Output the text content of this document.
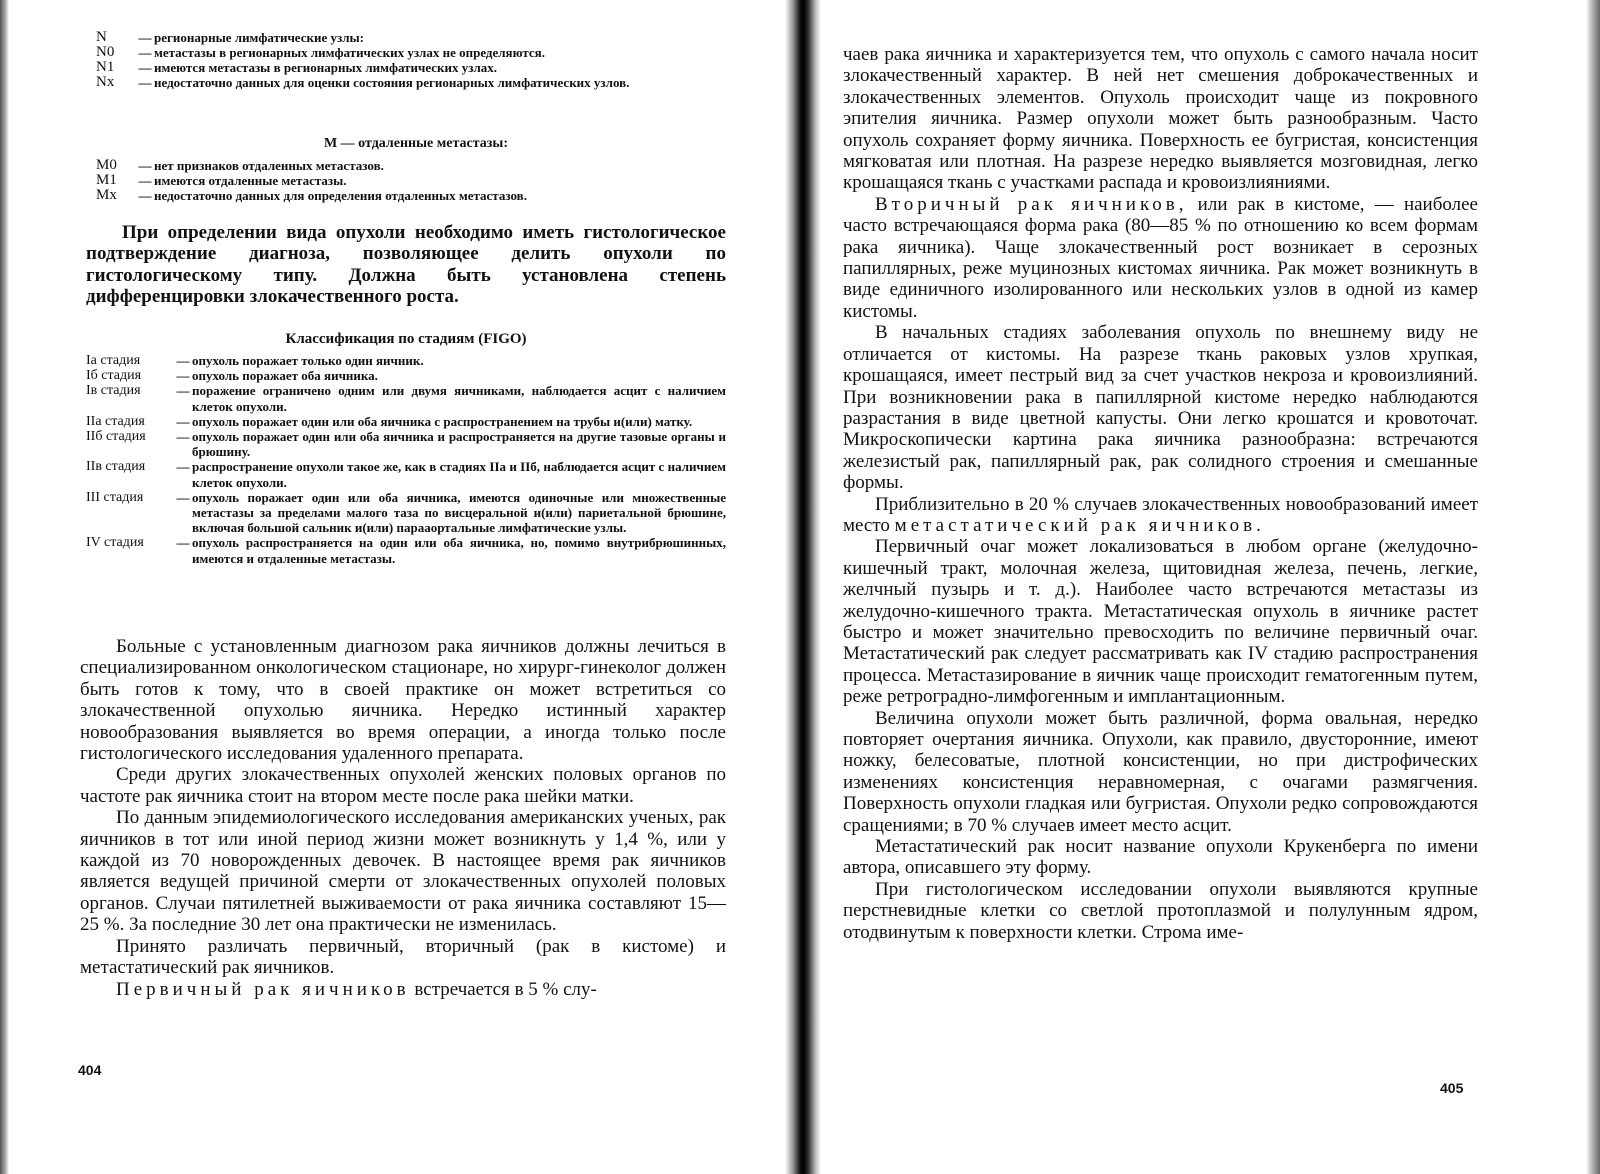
N	— регионарные лимфатические узлы:
N0	— метастазы в регионарных лимфатических узлах не определяются.
N1	— имеются метастазы в регионарных лимфатических узлах.
Nx	— недостаточно данных для оценки состояния регионарных лимфатических узлов.
М — отдаленные метастазы:
М0	— нет признаков отдаленных метастазов.
М1	— имеются отдаленные метастазы.
Мx	— недостаточно данных для определения отдаленных метастазов.

При определении вида опухоли необходимо иметь гистологическое подтверждение диагноза, позволяющее делить опухоли по гистологическому типу. Должна быть установлена степень дифференцировки злокачественного роста.

Классификация по стадиям (FIGO)
Iа стадия	— опухоль поражает только один яичник.
Iб стадия	— опухоль поражает оба яичника.
Iв стадия	— поражение ограничено одним или двумя яичниками, наблюдается асцит с наличием клеток опухоли.
IIа стадия	— опухоль поражает один или оба яичника с распространением на трубы и(или) матку.
IIб стадия	— опухоль поражает один или оба яичника и распространяется на другие тазовые органы и брюшину.
IIв стадия	— распространение опухоли такое же, как в стадиях IIа и IIб, наблюдается асцит с наличием клеток опухоли.
III стадия	— опухоль поражает один или оба яичника, имеются одиночные или множественные метастазы за пределами малого таза по висцеральной и(или) париетальной брюшине, включая большой сальник и(или) парааортальные лимфатические узлы.
IV стадия	— опухоль распространяется на один или оба яичника, но, помимо внутрибрюшинных, имеются и отдаленные метастазы.

Больные с установленным диагнозом рака яичников должны лечиться в специализированном онкологическом стационаре, но хирург-гинеколог должен быть готов к тому, что в своей практике он может встретиться со злокачественной опухолью яичника. Нередко истинный характер новообразования выявляется во время операции, а иногда только после гистологического исследования удаленного препарата.

Среди других злокачественных опухолей женских половых органов по частоте рак яичника стоит на втором месте после рака шейки матки.

По данным эпидемиологического исследования американских ученых, рак яичников в тот или иной период жизни может возникнуть у 1,4 %, или у каждой из 70 новорожденных девочек. В настоящее время рак яичников является ведущей причиной смерти от злокачественных опухолей половых органов. Случаи пятилетней выживаемости от рака яичника составляют 15—25 %. За последние 30 лет она практически не изменилась.

Принято различать первичный, вторичный (рак в кистоме) и метастатический рак яичников.

Первичный рак яичников встречается в 5 % слу-

404

чаев рака яичника и характеризуется тем, что опухоль с самого начала носит злокачественный характер. В ней нет смешения доброкачественных и злокачественных элементов. Опухоль происходит чаще из покровного эпителия яичника. Размер опухоли может быть разнообразным. Часто опухоль сохраняет форму яичника. Поверхность ее бугристая, консистенция мягковатая или плотная. На разрезе нередко выявляется мозговидная, легко крошащаяся ткань с участками распада и кровоизлияниями.

Вторичный рак яичников, или рак в кистоме, — наиболее часто встречающаяся форма рака (80—85 % по отношению ко всем формам рака яичника). Чаще злокачественный рост возникает в серозных папиллярных, реже муцинозных кистомах яичника. Рак может возникнуть в виде единичного изолированного или нескольких узлов в одной из камер кистомы.

В начальных стадиях заболевания опухоль по внешнему виду не отличается от кистомы. На разрезе ткань раковых узлов хрупкая, крошащаяся, имеет пестрый вид за счет участков некроза и кровоизлияний. При возникновении рака в папиллярной кистоме нередко наблюдаются разрастания в виде цветной капусты. Они легко крошатся и кровоточат. Микроскопически картина рака яичника разнообразна: встречаются железистый рак, папиллярный рак, рак солидного строения и смешанные формы.

Приблизительно в 20 % случаев злокачественных новообразований имеет место метастатический рак яичников.

Первичный очаг может локализоваться в любом органе (желудочно-кишечный тракт, молочная железа, щитовидная железа, печень, легкие, желчный пузырь и т. д.). Наиболее часто встречаются метастазы из желудочно-кишечного тракта. Метастатическая опухоль в яичнике растет быстро и может значительно превосходить по величине первичный очаг. Метастатический рак следует рассматривать как IV стадию распространения процесса. Метастазирование в яичник чаще происходит гематогенным путем, реже ретроградно-лимфогенным и имплантационным.

Величина опухоли может быть различной, форма овальная, нередко повторяет очертания яичника. Опухоли, как правило, двусторонние, имеют ножку, белесоватые, плотной консистенции, но при дистрофических изменениях консистенция неравномерная, с очагами размягчения. Поверхность опухоли гладкая или бугристая. Опухоли редко сопровождаются сращениями; в 70 % случаев имеет место асцит.

Метастатический рак носит название опухоли Крукенберга по имени автора, описавшего эту форму.

При гистологическом исследовании опухоли выявляются крупные перстневидные клетки со светлой протоплазмой и полулунным ядром, отодвинутым к поверхности клетки. Строма име-

405
